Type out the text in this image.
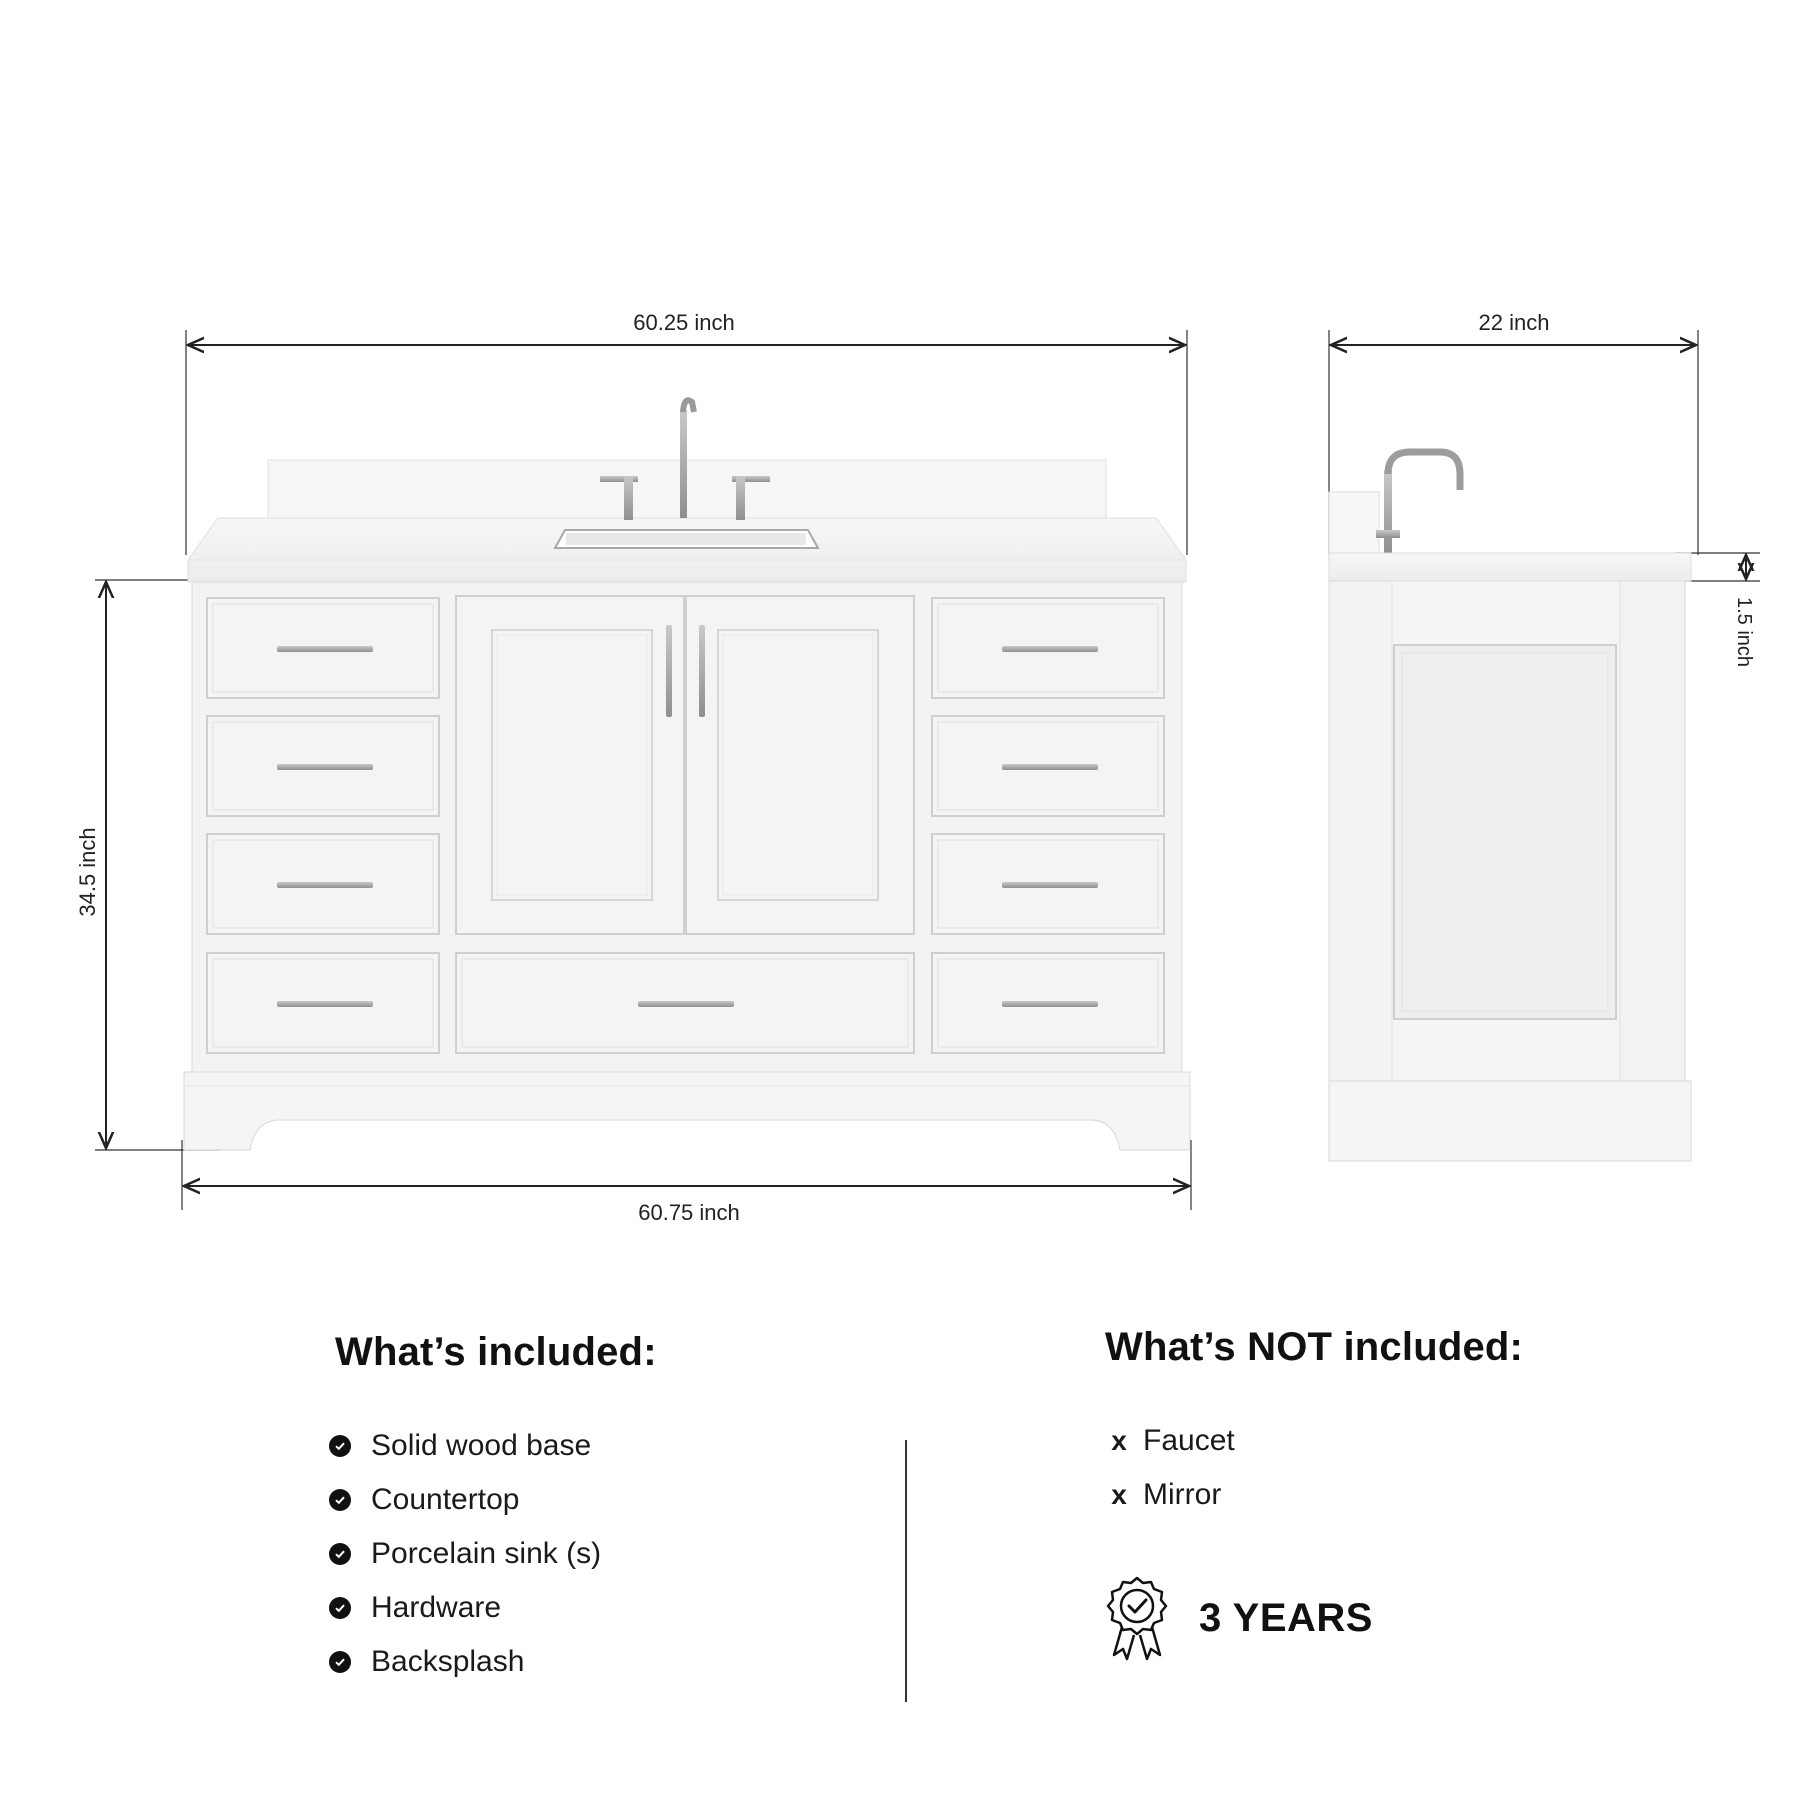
60.25 inch
34.5 inch
60.75 inch
22 inch
1.5 inch
What’s included:
Solid wood base
Countertop
Porcelain sink (s)
Hardware
Backsplash
What’s NOT included:
x Faucet
x Mirror
3 YEARS
